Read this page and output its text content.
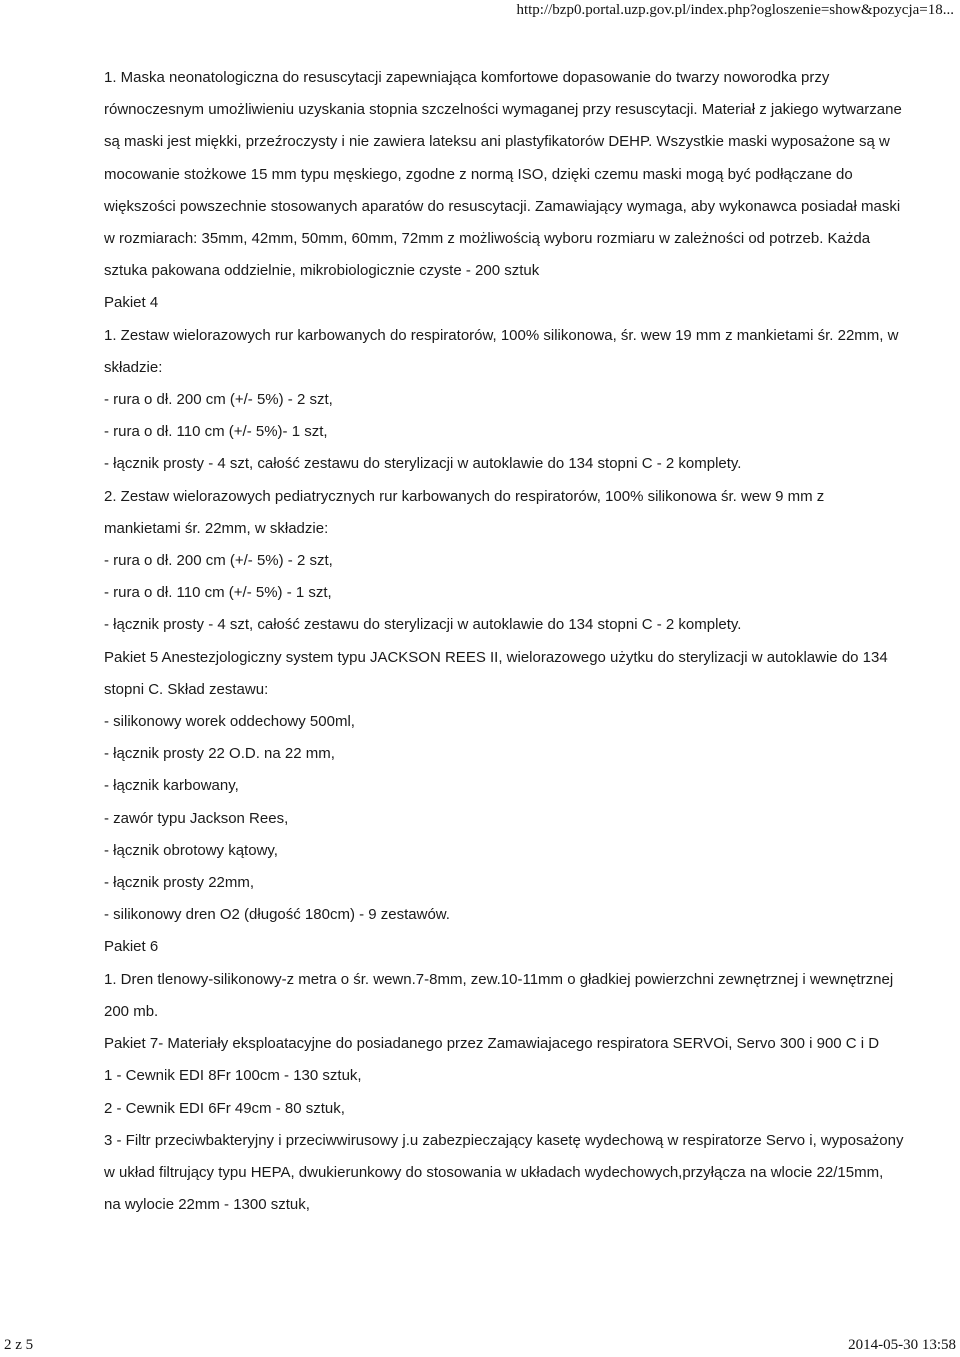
http://bzp0.portal.uzp.gov.pl/index.php?ogloszenie=show&pozycja=18...

1. Maska neonatologiczna do resuscytacji zapewniająca komfortowe dopasowanie do twarzy noworodka przy równoczesnym umożliwieniu uzyskania stopnia szczelności wymaganej przy resuscytacji. Materiał z jakiego wytwarzane są maski jest miękki, przeźroczysty i nie zawiera lateksu ani plastyfikatorów DEHP. Wszystkie maski wyposażone są w mocowanie stożkowe 15 mm typu męskiego, zgodne z normą ISO, dzięki czemu maski mogą być podłączane do większości powszechnie stosowanych aparatów do resuscytacji. Zamawiający wymaga, aby wykonawca posiadał maski w rozmiarach: 35mm, 42mm, 50mm, 60mm, 72mm z możliwością wyboru rozmiaru w zależności od potrzeb. Każda sztuka pakowana oddzielnie, mikrobiologicznie czyste - 200 sztuk

Pakiet 4

1. Zestaw wielorazowych rur karbowanych do respiratorów, 100% silikonowa, śr. wew 19 mm z mankietami śr. 22mm, w składzie:

- rura o dł. 200 cm (+/- 5%) - 2 szt,

- rura o dł. 110 cm (+/- 5%)- 1 szt,

- łącznik prosty - 4 szt, całość zestawu do sterylizacji w autoklawie do 134 stopni C - 2 komplety.

2. Zestaw wielorazowych pediatrycznych rur karbowanych do respiratorów, 100% silikonowa śr. wew 9 mm z mankietami śr. 22mm, w składzie:

- rura o dł. 200 cm (+/- 5%) - 2 szt,

- rura o dł. 110 cm (+/- 5%) - 1 szt,

- łącznik prosty - 4 szt, całość zestawu do sterylizacji w autoklawie do 134 stopni C - 2 komplety.

Pakiet 5 Anestezjologiczny system typu JACKSON REES II, wielorazowego użytku do sterylizacji w autoklawie do 134 stopni C. Skład zestawu:

- silikonowy worek oddechowy 500ml,

- łącznik prosty 22 O.D. na 22 mm,

- łącznik karbowany,

- zawór typu Jackson Rees,

- łącznik obrotowy kątowy,

- łącznik prosty 22mm,

- silikonowy dren O2 (długość 180cm) - 9 zestawów.

Pakiet 6

1. Dren tlenowy-silikonowy-z metra o śr. wewn.7-8mm, zew.10-11mm o gładkiej powierzchni zewnętrznej i wewnętrznej 200 mb.

Pakiet 7- Materiały eksploatacyjne do posiadanego przez Zamawiajacego respiratora SERVOi, Servo 300 i 900 C i D

1 - Cewnik EDI 8Fr 100cm - 130 sztuk,

2 - Cewnik EDI 6Fr 49cm - 80 sztuk,

3 - Filtr przeciwbakteryjny i przeciwwirusowy j.u zabezpieczający kasetę wydechową w respiratorze Servo i, wyposażony w układ filtrujący typu HEPA, dwukierunkowy do stosowania w układach wydechowych,przyłącza na wlocie 22/15mm, na wylocie 22mm - 1300 sztuk,

2 z 5	2014-05-30 13:58
